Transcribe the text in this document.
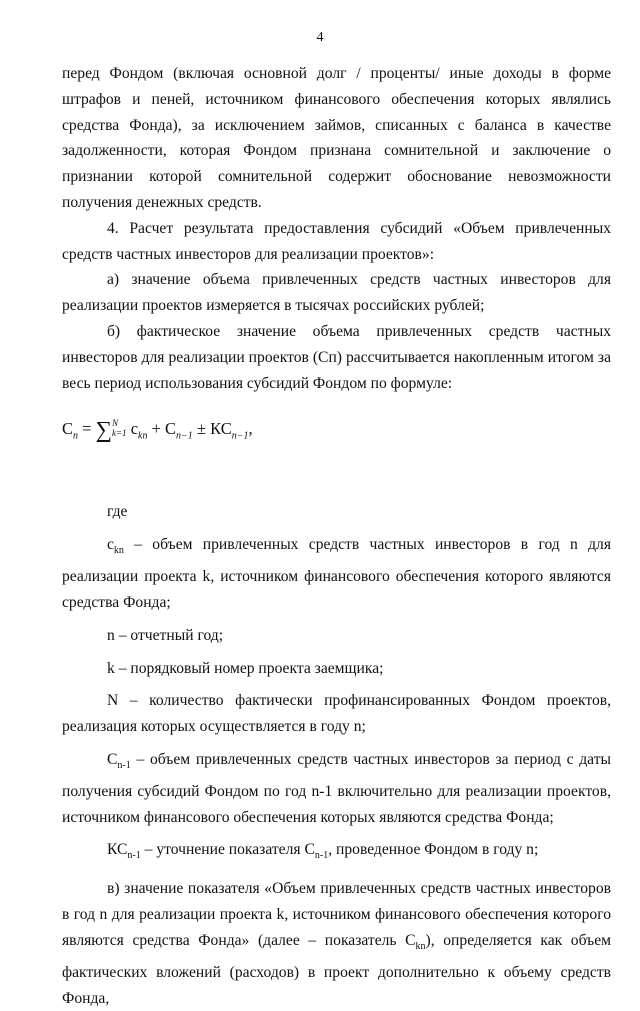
4

перед Фондом (включая основной долг / проценты/ иные доходы в форме штрафов и пеней, источником финансового обеспечения которых являлись средства Фонда), за исключением займов, списанных с баланса в качестве задолженности, которая Фондом признана сомнительной и заключение о признании которой сомнительной содержит обоснование невозможности получения денежных средств.

4. Расчет результата предоставления субсидий «Объем привлеченных средств частных инвесторов для реализации проектов»:

а) значение объема привлеченных средств частных инвесторов для реализации проектов измеряется в тысячах российских рублей;

б) фактическое значение объема привлеченных средств частных инвесторов для реализации проектов (Сп) рассчитывается накопленным итогом за весь период использования субсидий Фондом по формуле:

$С_n$ = ∑ N
k=1 $c_{kn} + С_{n-1} \pm КС_{n-1}$,

где

$с_{kn}$ – объем привлеченных средств частных инвесторов в год n для реализации проекта k, источником финансового обеспечения которого являются средства Фонда;

n – отчетный год;

k – порядковый номер проекта заемщика;

N – количество фактически профинансированных Фондом проектов, реализация которых осуществляется в году n;

$С_{n-1}$ – объем привлеченных средств частных инвесторов за период с даты получения субсидий Фондом по год n-1 включительно для реализации проектов, источником финансового обеспечения которых являются средства Фонда;

$КС_{n-1}$ – уточнение показателя $С_{n-1}$, проведенное Фондом в году n;

в) значение показателя «Объем привлеченных средств частных инвесторов в год n для реализации проекта k, источником финансового обеспечения которого являются средства Фонда» (далее – показатель $С_{kn}$), определяется как объем фактических вложений (расходов) в проект дополнительно к объему средств Фонда,
